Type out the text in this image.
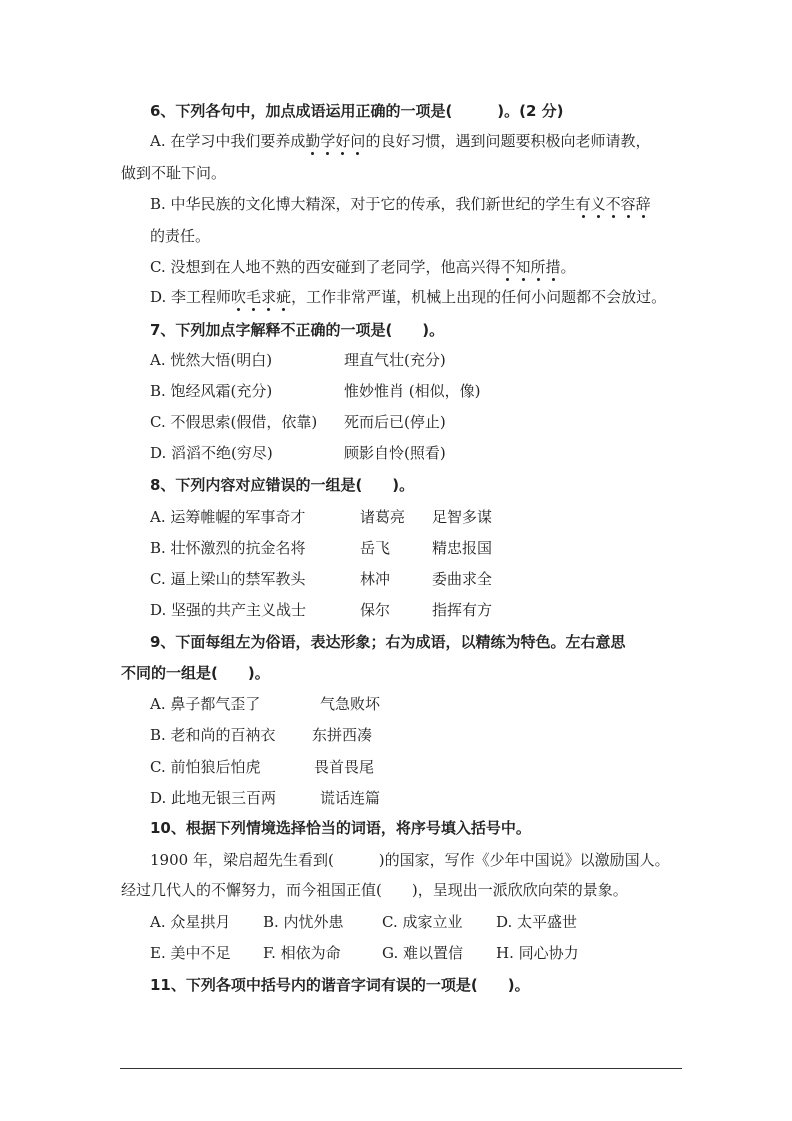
6、下列各句中，加点成语运用正确的一项是(　　　)。(2 分)
A. 在学习中我们要养成勤学好问的良好习惯，遇到问题要积极向老师请教，
做到不耻下问。
B. 中华民族的文化博大精深，对于它的传承，我们新世纪的学生有义不容辞
的责任。
C. 没想到在人地不熟的西安碰到了老同学，他高兴得不知所措。
D. 李工程师吹毛求疵，工作非常严谨，机械上出现的任何小问题都不会放过。
7、下列加点字解释不正确的一项是(　　)。
A. 恍然大悟(明白)	理直气壮(充分)
B. 饱经风霜(充分)	惟妙惟肖 (相似，像)
C. 不假思索(假借，依靠) 死而后已(停止)
D. 滔滔不绝(穷尽)	顾影自怜(照看)
8、下列内容对应错误的一组是(　　)。
A. 运筹帷幄的军事奇才	诸葛亮 足智多谋
B. 壮怀激烈的抗金名将	岳飞	精忠报国
C. 逼上梁山的禁军教头	林冲	委曲求全
D. 坚强的共产主义战士	保尔	指挥有方
9、下面每组左为俗语，表达形象；右为成语，以精练为特色。左右意思
不同的一组是(　　)。
A. 鼻子都气歪了	气急败坏
B. 老和尚的百衲衣 东拼西凑
C. 前怕狼后怕虎	畏首畏尾
D. 此地无银三百两	谎话连篇
10、根据下列情境选择恰当的词语，将序号填入括号中。
1900 年，梁启超先生看到(　　　)的国家，写作《少年中国说》以激励国人。
经过几代人的不懈努力，而今祖国正值(　　)，呈现出一派欣欣向荣的景象。
A. 众星拱月 B. 内忧外患	C. 成家立业 D. 太平盛世
E. 美中不足 F. 相依为命	G. 难以置信 H. 同心协力
11、下列各项中括号内的谐音字词有误的一项是(　　)。
